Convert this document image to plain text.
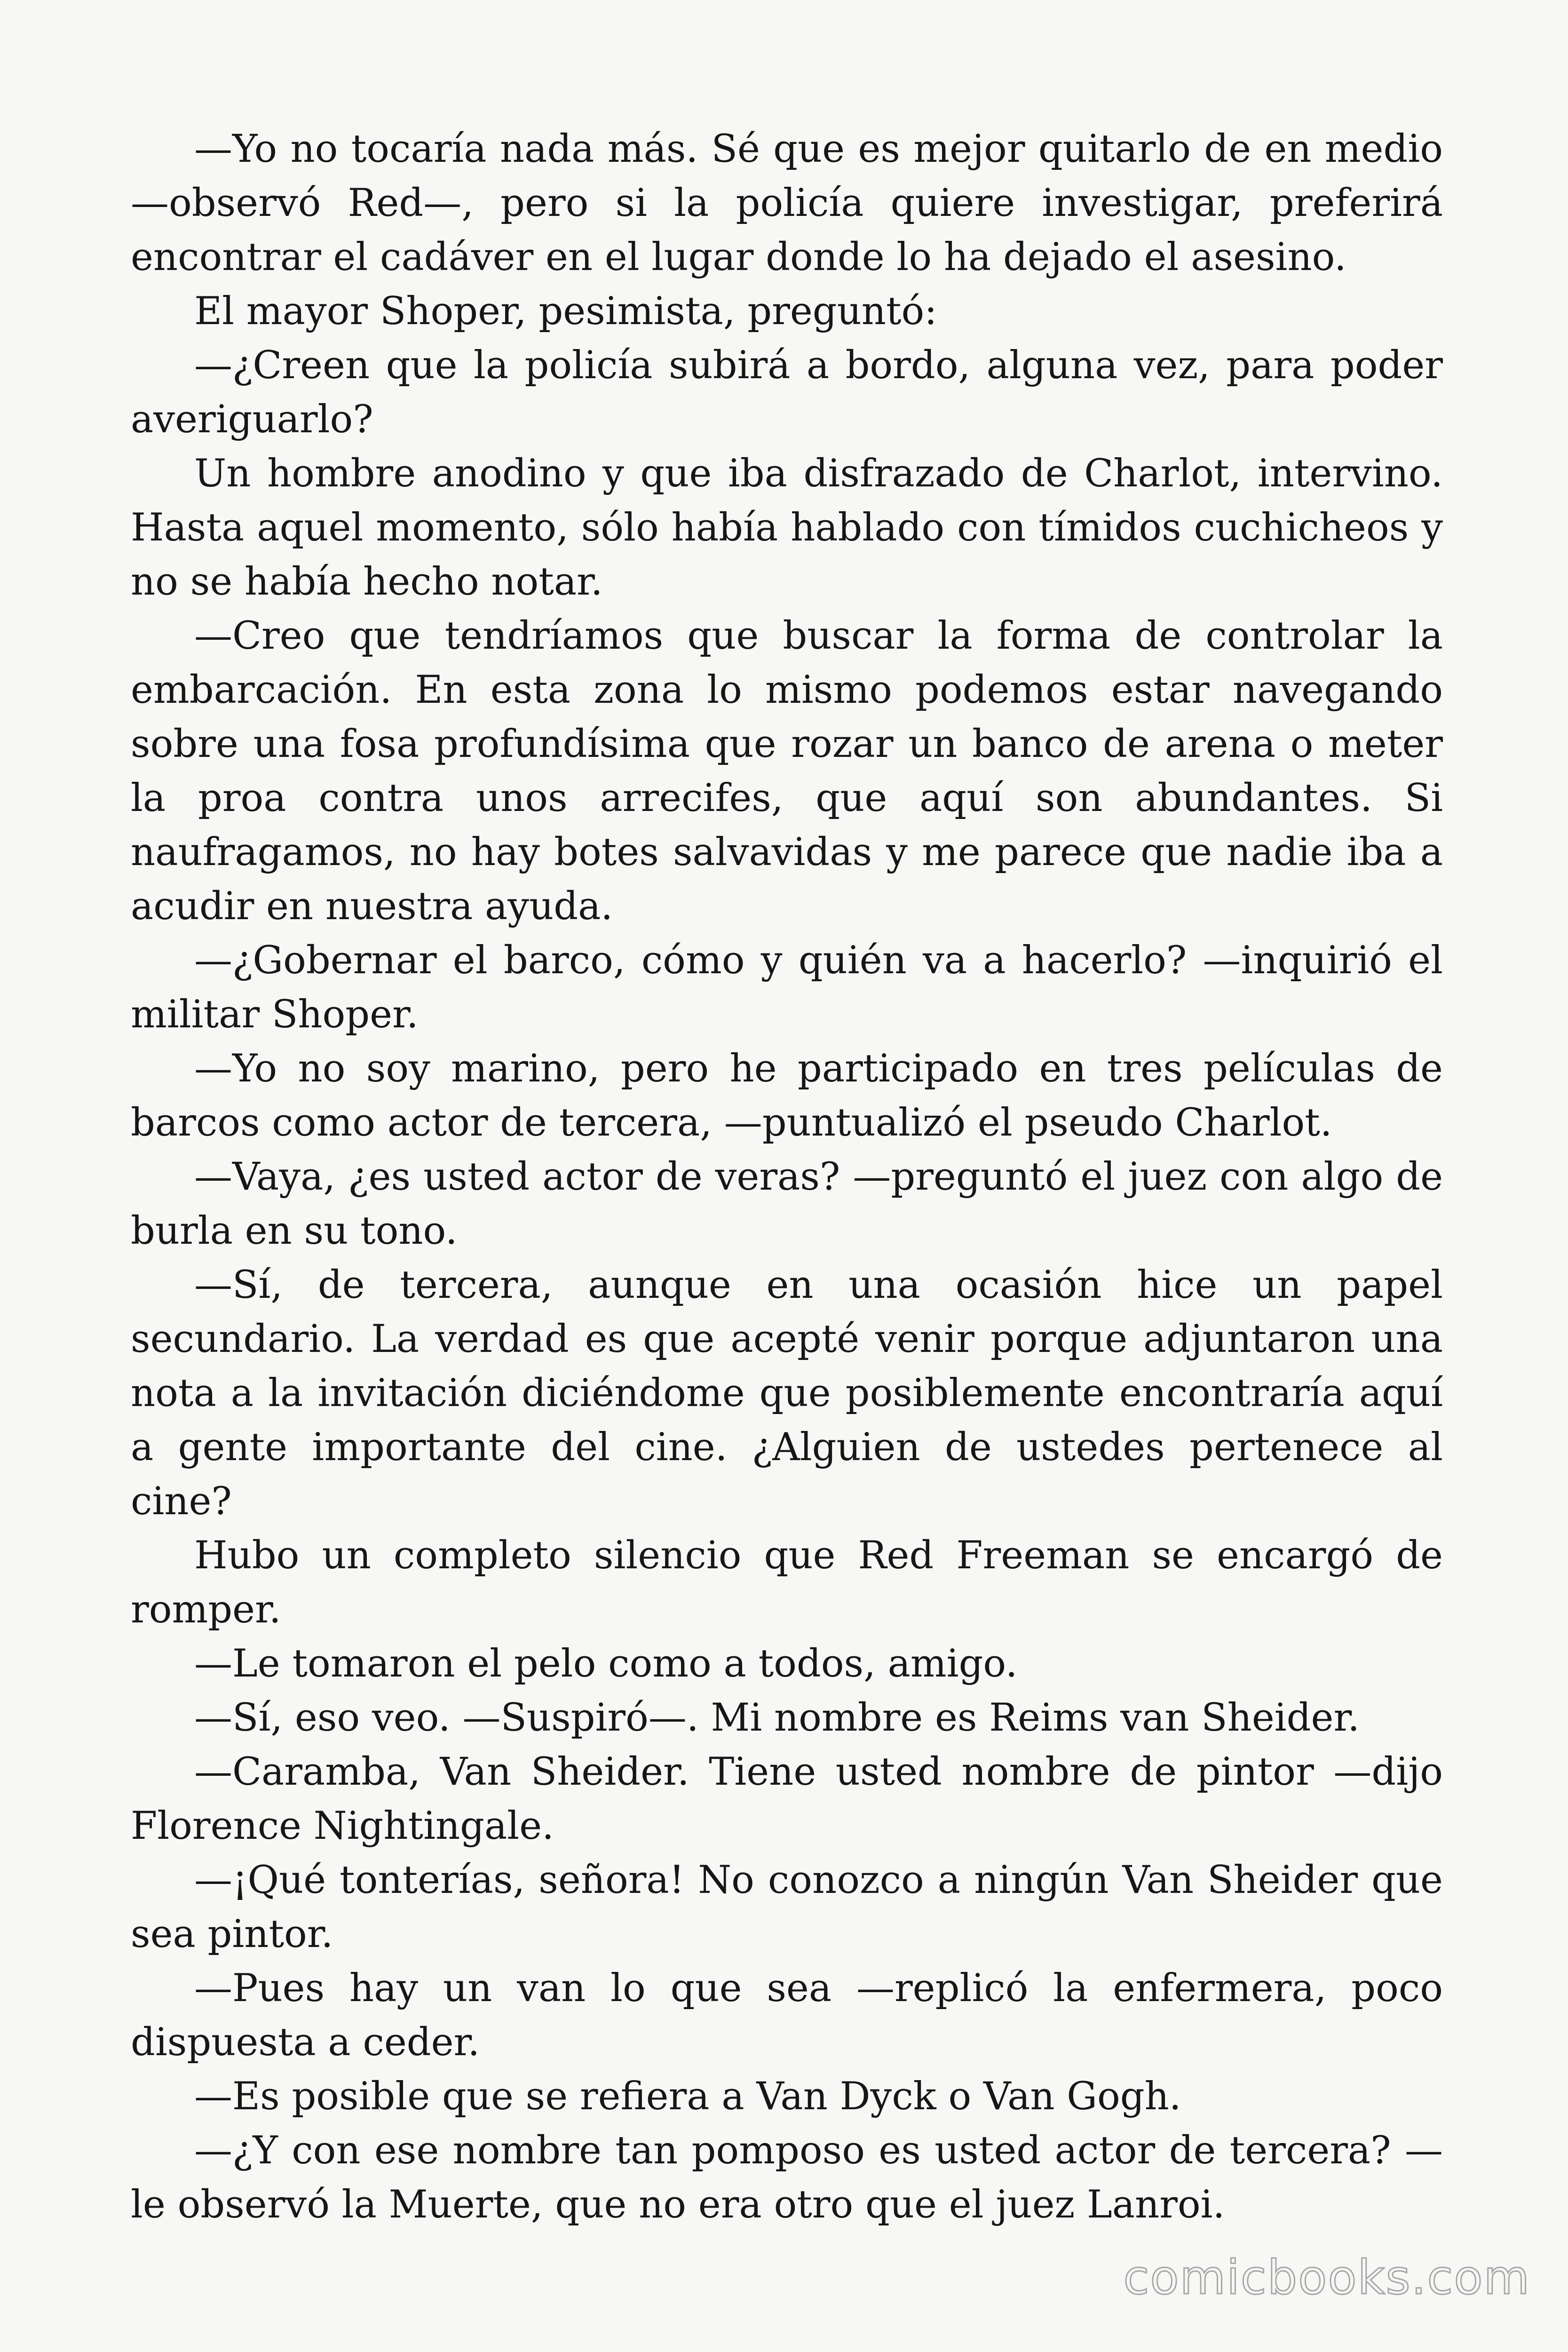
—Yo no tocaría nada más. Sé que es mejor quitarlo de en medio —observó Red—, pero si la policía quiere investigar, preferirá encontrar el cadáver en el lugar donde lo ha dejado el asesino.

El mayor Shoper, pesimista, preguntó:

—¿Creen que la policía subirá a bordo, alguna vez, para poder averiguarlo?

Un hombre anodino y que iba disfrazado de Charlot, intervino. Hasta aquel momento, sólo había hablado con tímidos cuchicheos y no se había hecho notar.

—Creo que tendríamos que buscar la forma de controlar la embarcación. En esta zona lo mismo podemos estar navegando sobre una fosa profundísima que rozar un banco de arena o meter la proa contra unos arrecifes, que aquí son abundantes. Si naufragamos, no hay botes salvavidas y me parece que nadie iba a acudir en nuestra ayuda.

—¿Gobernar el barco, cómo y quién va a hacerlo? —inquirió el militar Shoper.

—Yo no soy marino, pero he participado en tres películas de barcos como actor de tercera, —puntualizó el pseudo Charlot.

—Vaya, ¿es usted actor de veras? —preguntó el juez con algo de burla en su tono.

—Sí, de tercera, aunque en una ocasión hice un papel secundario. La verdad es que acepté venir porque adjuntaron una nota a la invitación diciéndome que posiblemente encontraría aquí a gente importante del cine. ¿Alguien de ustedes pertenece al cine?

Hubo un completo silencio que Red Freeman se encargó de romper.

—Le tomaron el pelo como a todos, amigo.

—Sí, eso veo. —Suspiró—. Mi nombre es Reims van Sheider.

—Caramba, Van Sheider. Tiene usted nombre de pintor —dijo Florence Nightingale.

—¡Qué tonterías, señora! No conozco a ningún Van Sheider que sea pintor.

—Pues hay un van lo que sea —replicó la enfermera, poco dispuesta a ceder.

—Es posible que se refiera a Van Dyck o Van Gogh.

—¿Y con ese nombre tan pomposo es usted actor de tercera? —le observó la Muerte, que no era otro que el juez Lanroi.

comicbooks.com
